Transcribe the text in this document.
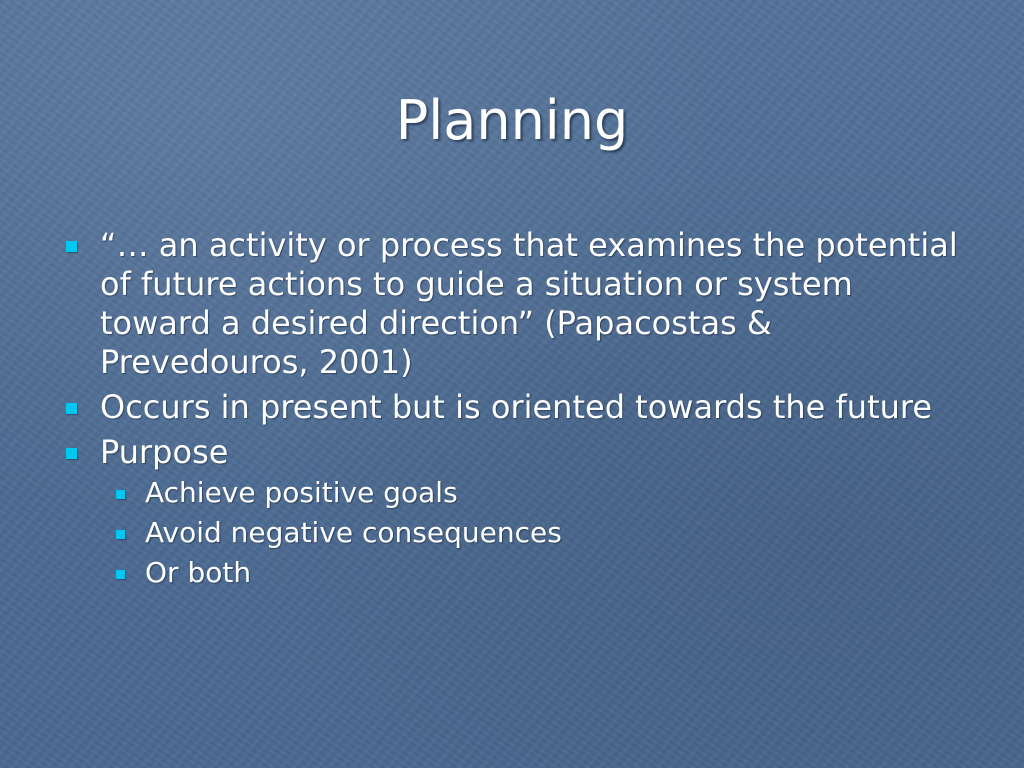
Planning
“… an activity or process that examines the potential of future actions to guide a situation or system toward a desired direction” (Papacostas & Prevedouros, 2001)
Occurs in present but is oriented towards the future
Purpose
Achieve positive goals
Avoid negative consequences
Or both
